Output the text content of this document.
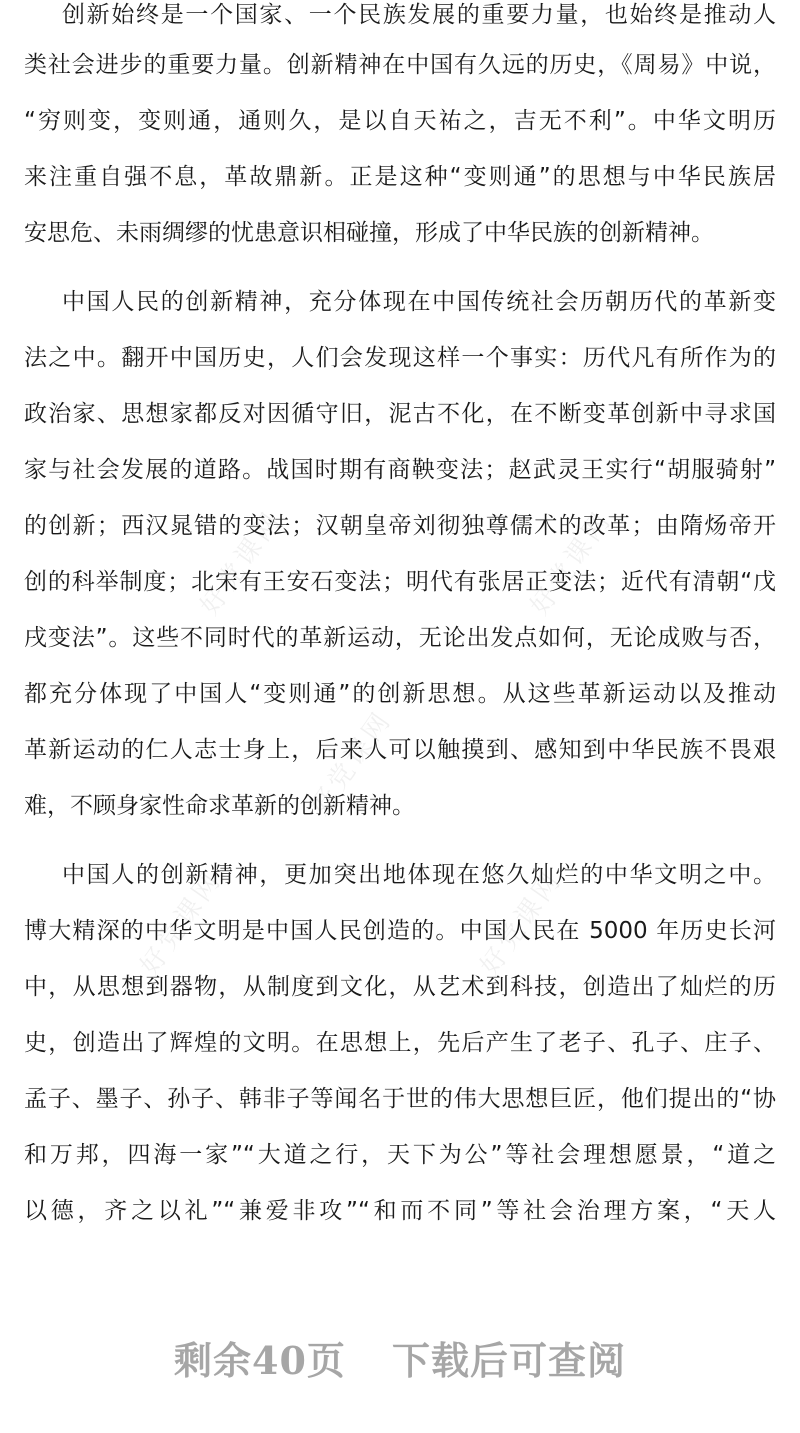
好党课网	好党课网
好党课网
好党课网	好党课网
创新始终是一个国家、一个民族发展的重要力量，也始终是推动人
类社会进步的重要力量。创新精神在中国有久远的历史，《周易》中说，
“穷则变，变则通，通则久，是以自天祐之，吉无不利”。中华文明历
来注重自强不息，革故鼎新。正是这种“变则通”的思想与中华民族居
安思危、未雨绸缪的忧患意识相碰撞，形成了中华民族的创新精神。
中国人民的创新精神，充分体现在中国传统社会历朝历代的革新变
法之中。翻开中国历史，人们会发现这样一个事实：历代凡有所作为的
政治家、思想家都反对因循守旧，泥古不化，在不断变革创新中寻求国
家与社会发展的道路。战国时期有商鞅变法；赵武灵王实行“胡服骑射”
的创新；西汉晁错的变法；汉朝皇帝刘彻独尊儒术的改革；由隋炀帝开
创的科举制度；北宋有王安石变法；明代有张居正变法；近代有清朝“戊
戌变法”。这些不同时代的革新运动，无论出发点如何，无论成败与否，
都充分体现了中国人“变则通”的创新思想。从这些革新运动以及推动
革新运动的仁人志士身上，后来人可以触摸到、感知到中华民族不畏艰
难，不顾身家性命求革新的创新精神。
中国人的创新精神，更加突出地体现在悠久灿烂的中华文明之中。
博大精深的中华文明是中国人民创造的。中国人民在 5000 年历史长河
中，从思想到器物，从制度到文化，从艺术到科技，创造出了灿烂的历
史，创造出了辉煌的文明。在思想上，先后产生了老子、孔子、庄子、
孟子、墨子、孙子、韩非子等闻名于世的伟大思想巨匠，他们提出的“协
和万邦，四海一家”“大道之行，天下为公”等社会理想愿景，“道之
以德，齐之以礼”“兼爱非攻”“和而不同”等社会治理方案，“天人
剩余40页 下载后可查阅
